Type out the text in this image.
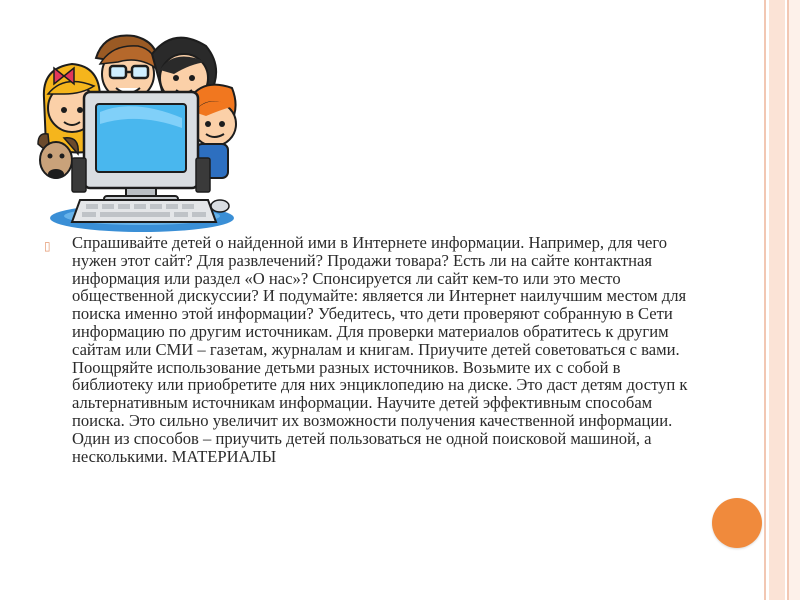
▯ Спрашивайте детей о найденной ими в Интернете информации. Например, для чего нужен этот сайт? Для развлечений? Продажи товара? Есть ли на сайте контактная информация или раздел «О нас»? Спонсируется ли сайт кем-то или это место общественной дискуссии? И подумайте: является ли Интернет наилучшим местом для поиска именно этой информации? Убедитесь, что дети проверяют собранную в Сети информацию по другим источникам. Для проверки материалов обратитесь к другим сайтам или СМИ – газетам, журналам и книгам. Приучите детей советоваться с вами. Поощряйте использование детьми разных источников. Возьмите их с собой в библиотеку или приобретите для них энциклопедию на диске. Это даст детям доступ к альтернативным источникам информации. Научите детей эффективным способам поиска. Это сильно увеличит их возможности получения качественной информации. Один из способов – приучить детей пользоваться не одной поисковой машиной, а несколькими. МАТЕРИАЛЫ
